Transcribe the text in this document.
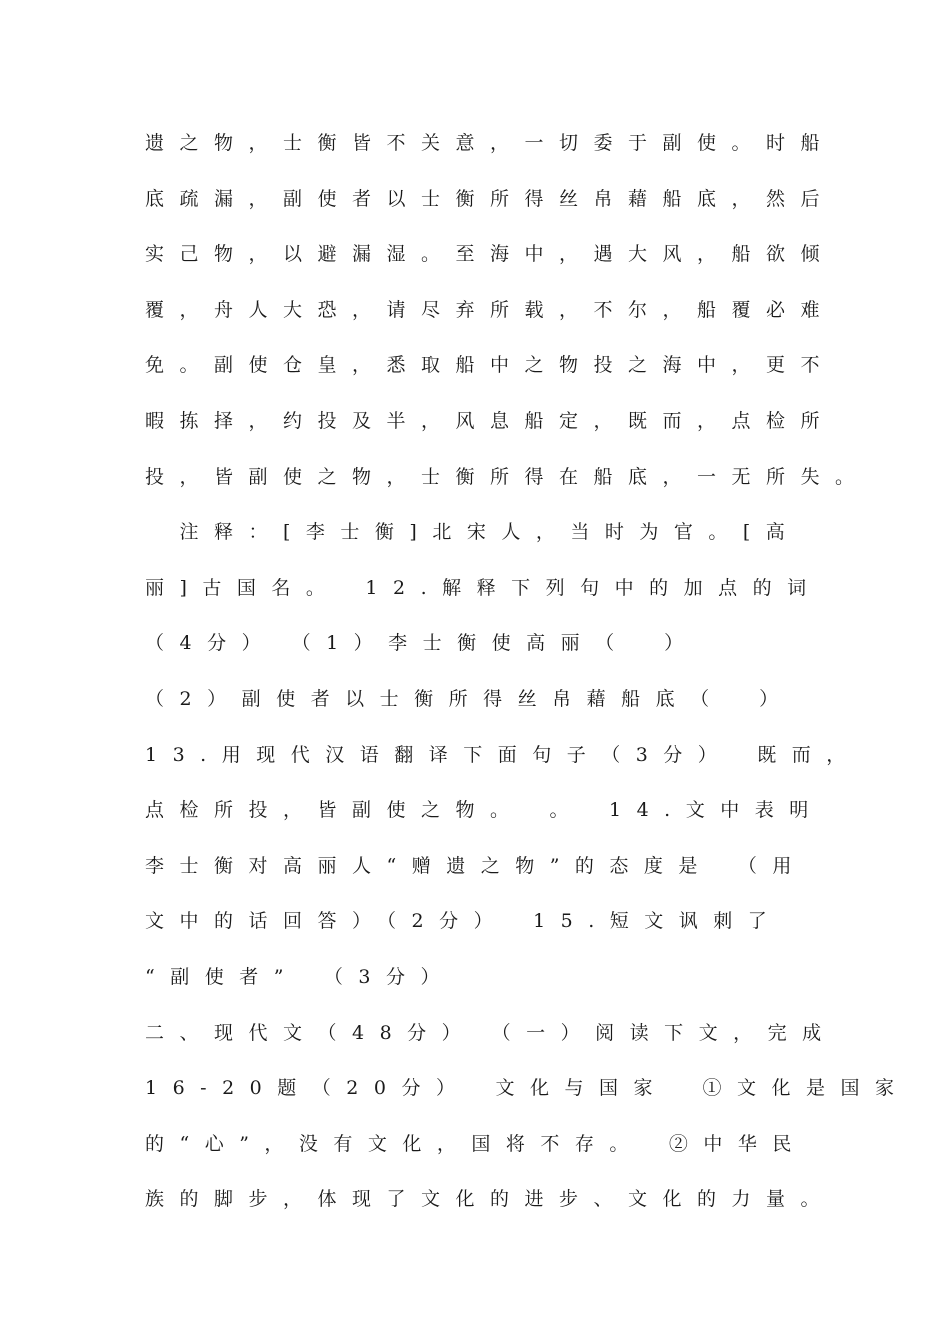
遗之物，士衡皆不关意，一切委于副使。时船
底疏漏，副使者以士衡所得丝帛藉船底，然后
实己物，以避漏湿。至海中，遇大风，船欲倾
覆，舟人大恐，请尽弃所载，不尔，船覆必难
免。副使仓皇，悉取船中之物投之海中，更不
暇拣择，约投及半，风息船定，既而，点检所
投，皆副使之物，士衡所得在船底，一无所失。
　注释：[李士衡]北宋人，当时为官。[高
丽]古国名。　12.解释下列句中的加点的词
（4分）　（1）李士衡使高丽（　）
（2）副使者以士衡所得丝帛藉船底（　）
13.用现代汉语翻译下面句子（3分）　既而，
点检所投，皆副使之物。　。　14.文中表明
李士衡对高丽人“赠遗之物”的态度是　（用
文中的话回答）（2分）　15.短文讽刺了
“副使者”　（3分）
二、现代文（48分）　（一）阅读下文，完成
16-20题（20分）　文化与国家　①文化是国家
的“心”，没有文化，国将不存。　②中华民
族的脚步，体现了文化的进步、文化的力量。
